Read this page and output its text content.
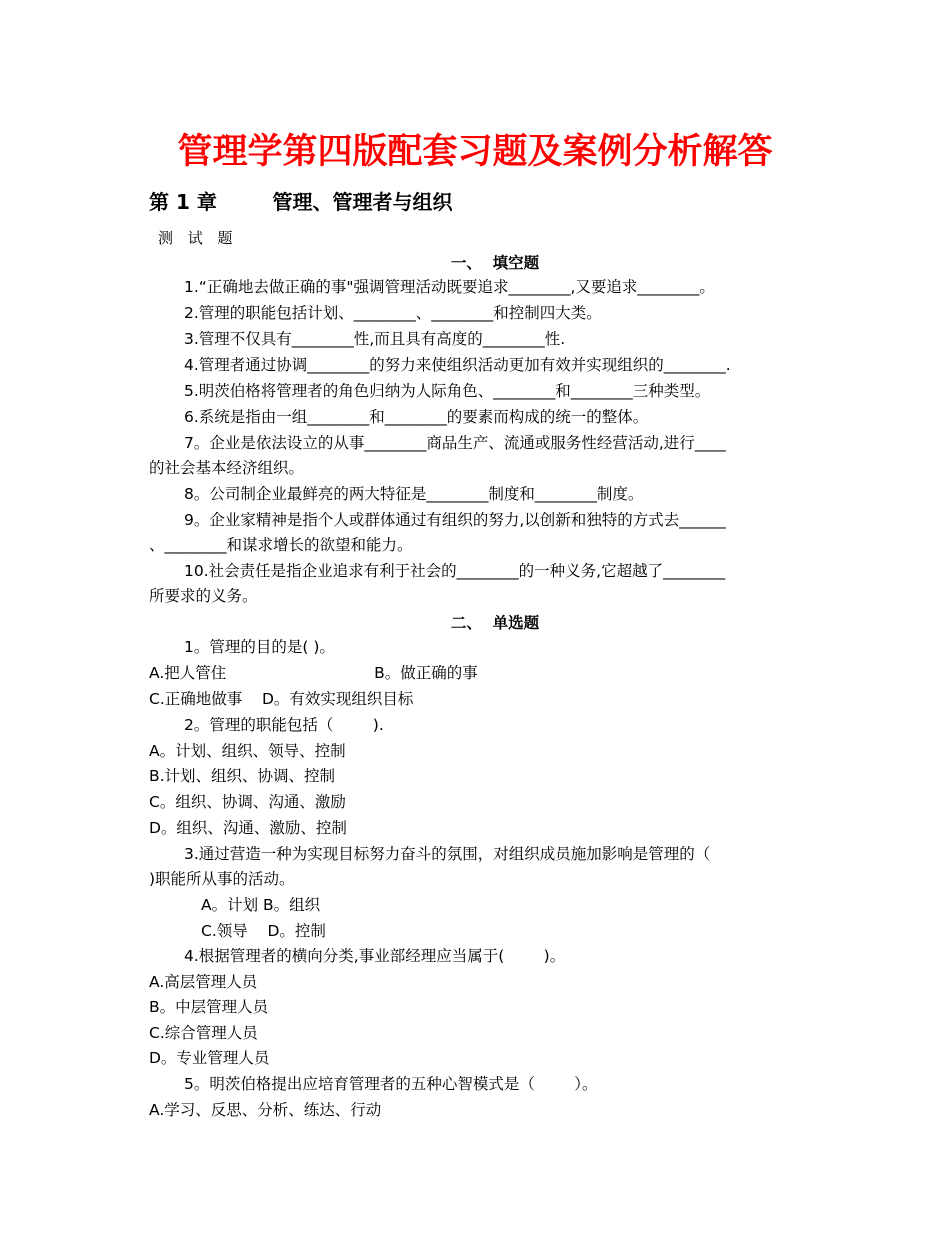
管理学第四版配套习题及案例分析解答
第 1 章	管理、管理者与组织
测 试 题
一、  填空题
1.“正确地去做正确的事"强调管理活动既要追求________,又要追求________。
2.管理的职能包括计划、________、________和控制四大类。
3.管理不仅具有________性,而且具有高度的________性.
4.管理者通过协调________的努力来使组织活动更加有效并实现组织的________.
5.明茨伯格将管理者的角色归纳为人际角色、________和________三种类型。
6.系统是指由一组________和________的要素而构成的统一的整体。
7。企业是依法设立的从事________商品生产、流通或服务性经营活动,进行____
的社会基本经济组织。
8。公司制企业最鲜亮的两大特征是________制度和________制度。
9。企业家精神是指个人或群体通过有组织的努力,以创新和独特的方式去______
、________和谋求增长的欲望和能力。
10.社会责任是指企业追求有利于社会的________的一种义务,它超越了________
所要求的义务。
二、  单选题
1。管理的目的是( )。
A.把人管住                              B。做正确的事
C.正确地做事    D。有效实现组织目标
2。管理的职能包括（        ).
A。计划、组织、领导、控制
B.计划、组织、协调、控制
C。组织、协调、沟通、激励
D。组织、沟通、激励、控制
3.通过营造一种为实现目标努力奋斗的氛围，对组织成员施加影响是管理的（
)职能所从事的活动。
A。计划 B。组织
C.领导    D。控制
4.根据管理者的横向分类,事业部经理应当属于(        )。
A.高层管理人员
B。中层管理人员
C.综合管理人员
D。专业管理人员
5。明茨伯格提出应培育管理者的五种心智模式是（        ）。
A.学习、反思、分析、练达、行动
